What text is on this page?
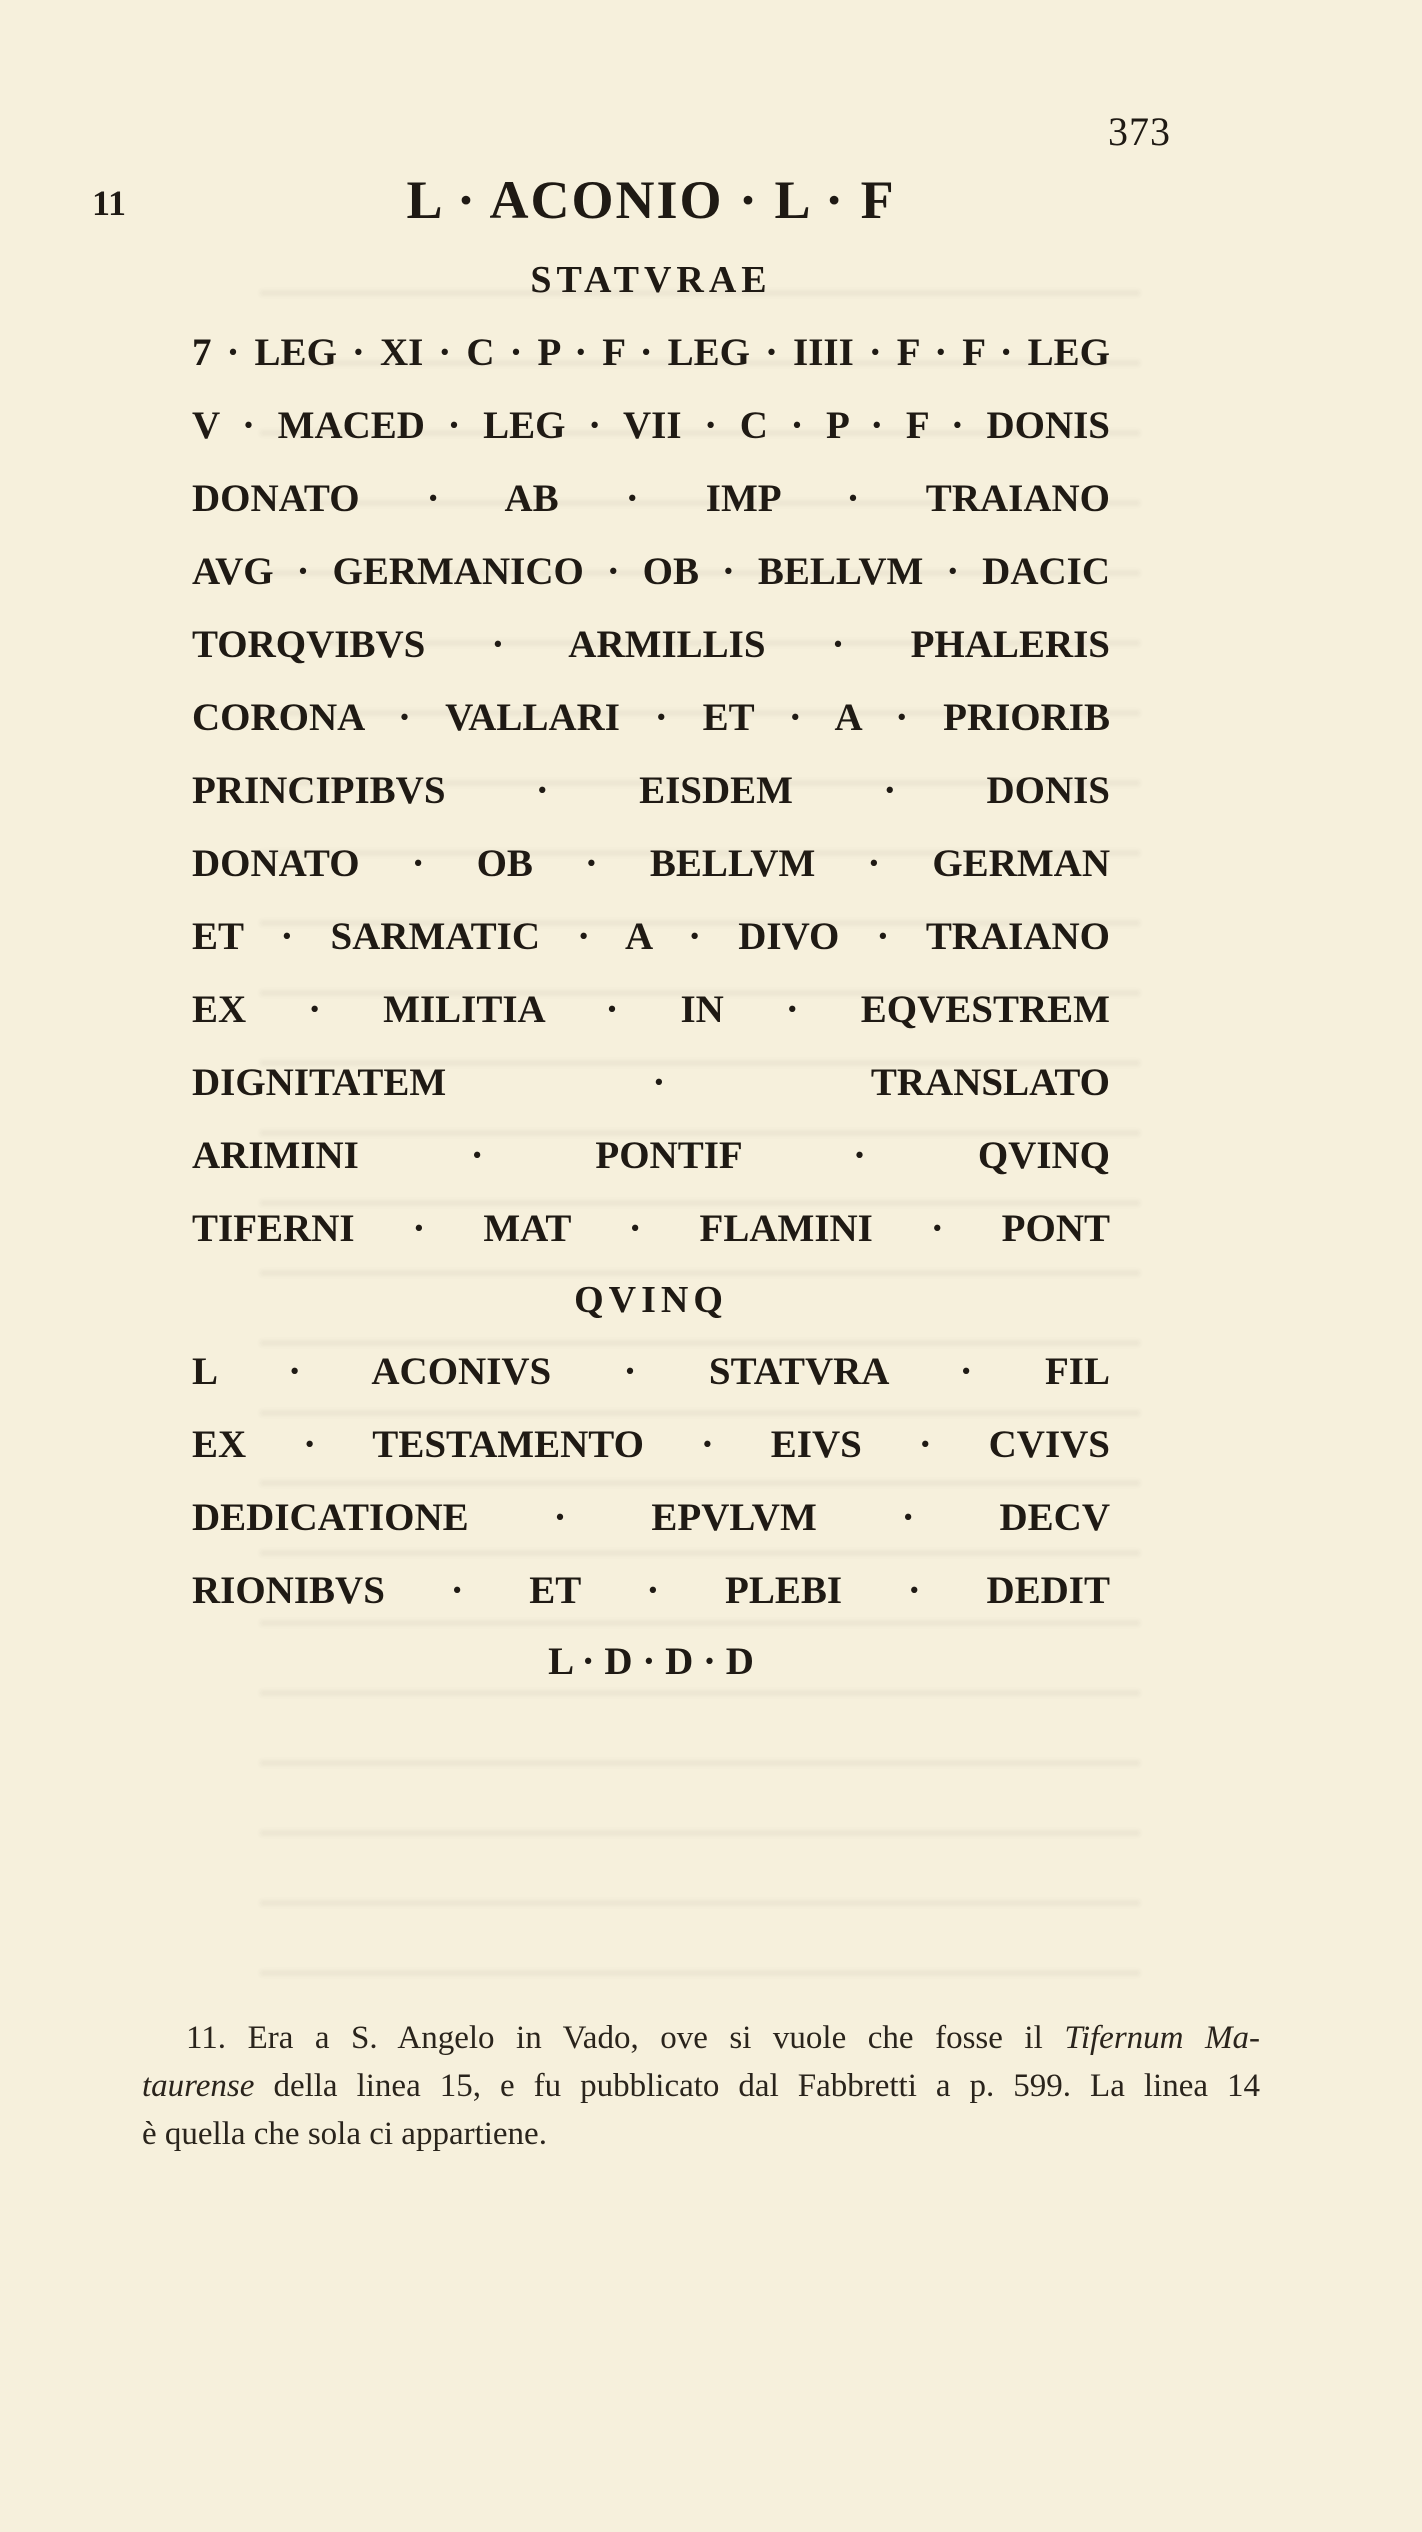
373
11	L · ACONIO · L · F
STATVRAE
7 · LEG · XI · C · P · F · LEG · IIII · F · F · LEG
V · MACED · LEG · VII · C · P · F · DONIS
DONATO · AB · IMP · TRAIANO
AVG · GERMANICO · OB · BELLVM · DACIC
TORQVIBVS · ARMILLIS · PHALERIS
CORONA · VALLARI · ET · A · PRIORIB
PRINCIPIBVS · EISDEM · DONIS
DONATO · OB · BELLVM · GERMAN
ET · SARMATIC · A · DIVO · TRAIANO
EX · MILITIA · IN · EQVESTREM
DIGNITATEM · TRANSLATO
ARIMINI · PONTIF · QVINQ
TIFERNI · MAT · FLAMINI · PONT
QVINQ
L · ACONIVS · STATVRA · FIL
EX · TESTAMENTO · EIVS · CVIVS
DEDICATIONE · EPVLVM · DECV
RIONIBVS · ET · PLEBI · DEDIT
L · D · D · D
11. Era a S. Angelo in Vado, ove si vuole che fosse il Tifernum Ma-
taurense della linea 15, e fu pubblicato dal Fabbretti a p. 599. La linea 14
è quella che sola ci appartiene.
